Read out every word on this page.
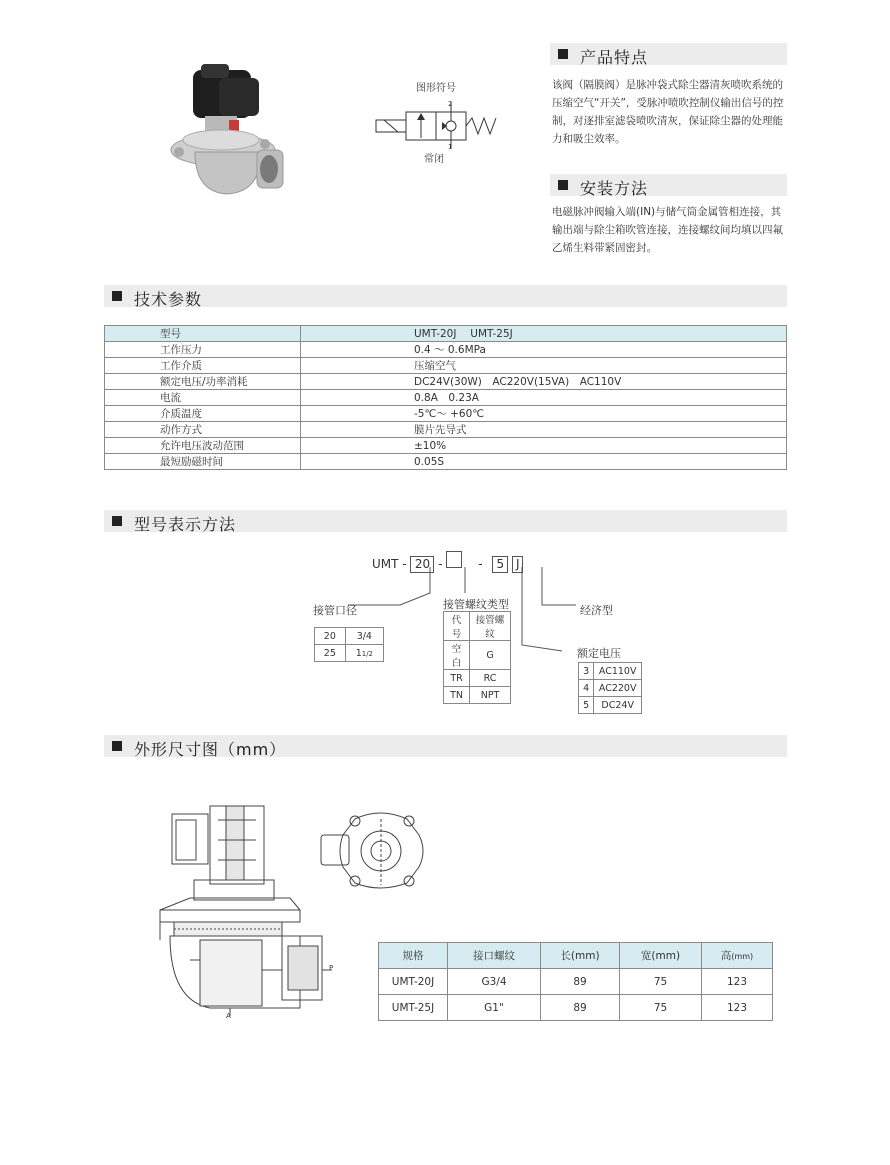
图形符号
2
1
常闭
产品特点
该阀（隔膜阀）是脉冲袋式除尘器清灰喷吹系统的压缩空气“开关”，受脉冲喷吹控制仪输出信号的控制，对逐排室滤袋喷吹清灰，保证除尘器的处理能力和吸尘效率。
安装方法
电磁脉冲阀输入端(IN)与储气筒金属管相连接，其输出端与除尘箱吹管连接，连接螺纹间均填以四氟乙烯生料带紧固密封。
技术参数
型号	UMT-20J　 UMT-25J
工作压力	0.4 ～ 0.6MPa
工作介质	压缩空气
额定电压/功率消耗	DC24V(30W)　AC220V(15VA)　AC110V
电流	0.8A　0.23A
介质温度	-5℃～ +60℃
动作方式	膜片先导式
允许电压波动范围	±10%
最短励磁时间	0.05S
型号表示方法
UMT - 20 -	- 5 J
接管口径	接管螺纹类型	经济型
额定电压
20	3/4
25	11/2
代号	接管螺纹
空白	G
TR	RC
TN	NPT
3	AC110V
4	AC220V
5	DC24V
外形尺寸图（mm）
P
A
规格	接口螺纹	长(mm)	宽(mm)	高(mm)
UMT-20J	G3/4	89	75	123
UMT-25J	G1"	89	75	123
